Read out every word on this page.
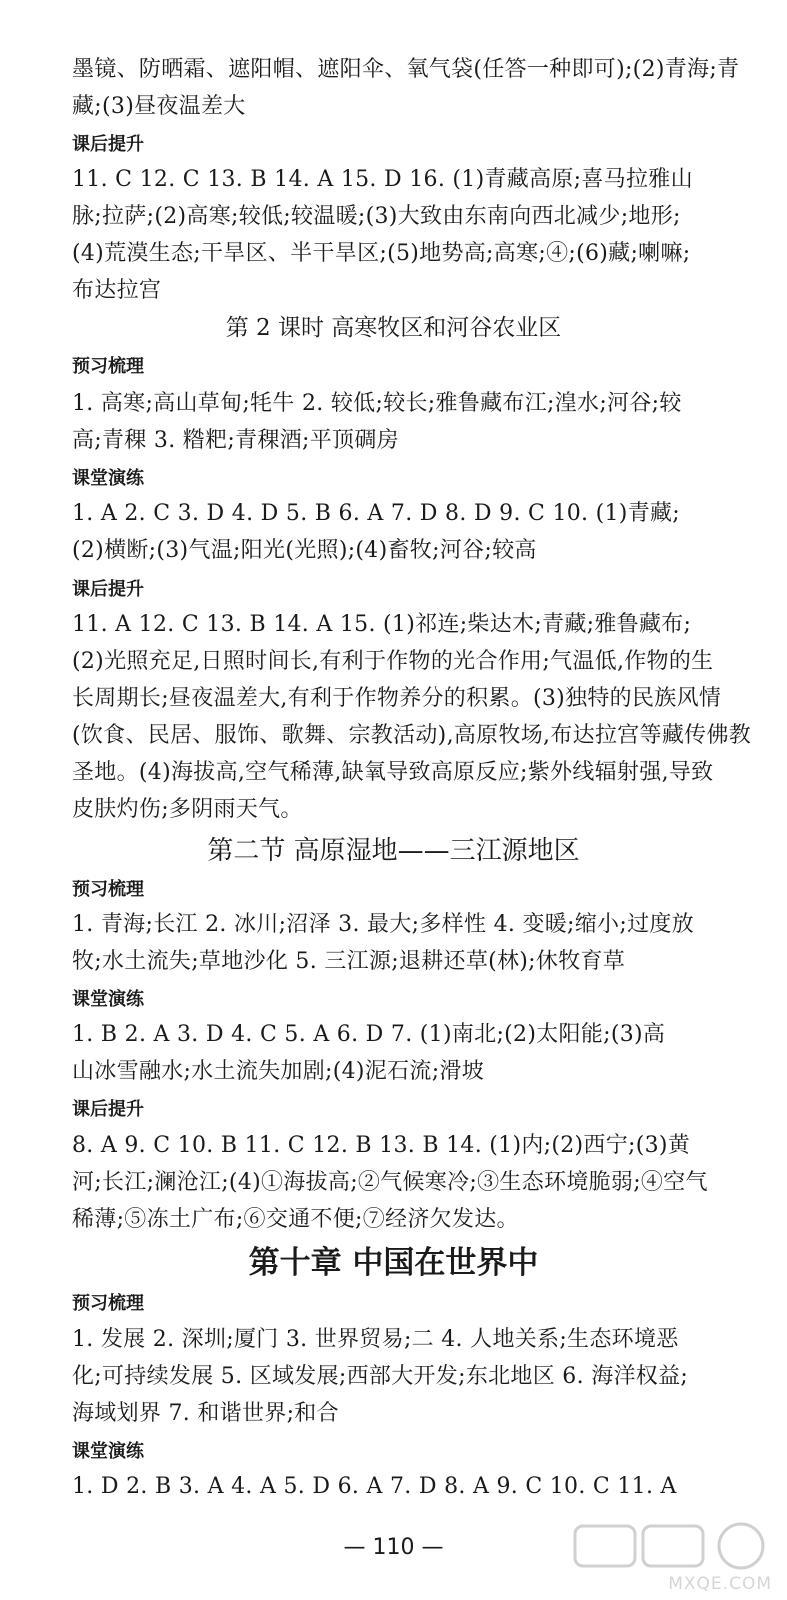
墨镜、防晒霜、遮阳帽、遮阳伞、氧气袋(任答一种即可);(2)青海;青
藏;(3)昼夜温差大
课后提升
11. C 12. C 13. B 14. A 15. D 16. (1)青藏高原;喜马拉雅山
脉;拉萨;(2)高寒;较低;较温暖;(3)大致由东南向西北减少;地形;
(4)荒漠生态;干旱区、半干旱区;(5)地势高;高寒;④;(6)藏;喇嘛;
布达拉宫
第 2 课时 高寒牧区和河谷农业区
预习梳理
1. 高寒;高山草甸;牦牛 2. 较低;较长;雅鲁藏布江;湟水;河谷;较
高;青稞 3. 糌粑;青稞酒;平顶碉房
课堂演练
1. A 2. C 3. D 4. D 5. B 6. A 7. D 8. D 9. C 10. (1)青藏;
(2)横断;(3)气温;阳光(光照);(4)畜牧;河谷;较高
课后提升
11. A 12. C 13. B 14. A 15. (1)祁连;柴达木;青藏;雅鲁藏布;
(2)光照充足,日照时间长,有利于作物的光合作用;气温低,作物的生
长周期长;昼夜温差大,有利于作物养分的积累。(3)独特的民族风情
(饮食、民居、服饰、歌舞、宗教活动),高原牧场,布达拉宫等藏传佛教
圣地。(4)海拔高,空气稀薄,缺氧导致高原反应;紫外线辐射强,导致
皮肤灼伤;多阴雨天气。
第二节 高原湿地——三江源地区
预习梳理
1. 青海;长江 2. 冰川;沼泽 3. 最大;多样性 4. 变暖;缩小;过度放
牧;水土流失;草地沙化 5. 三江源;退耕还草(林);休牧育草
课堂演练
1. B 2. A 3. D 4. C 5. A 6. D 7. (1)南北;(2)太阳能;(3)高
山冰雪融水;水土流失加剧;(4)泥石流;滑坡
课后提升
8. A 9. C 10. B 11. C 12. B 13. B 14. (1)内;(2)西宁;(3)黄
河;长江;澜沧江;(4)①海拔高;②气候寒冷;③生态环境脆弱;④空气
稀薄;⑤冻土广布;⑥交通不便;⑦经济欠发达。
第十章 中国在世界中
预习梳理
1. 发展 2. 深圳;厦门 3. 世界贸易;二 4. 人地关系;生态环境恶
化;可持续发展 5. 区域发展;西部大开发;东北地区 6. 海洋权益;
海域划界 7. 和谐世界;和合
课堂演练
1. D 2. B 3. A 4. A 5. D 6. A 7. D 8. A 9. C 10. C 11. A
— 110 —
MXQE.COM
